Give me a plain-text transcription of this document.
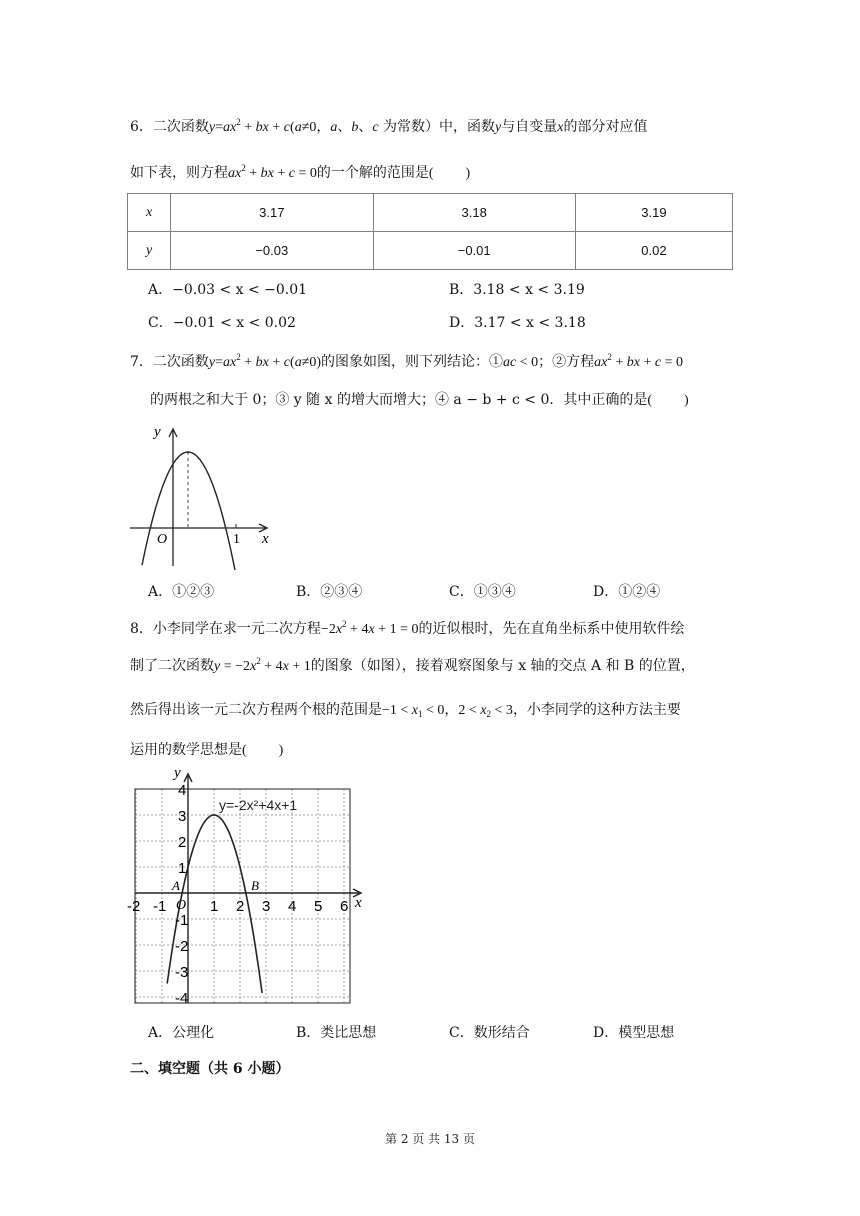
6．二次函数$y=ax^2$ + bx + c(a≠0，a、b、c 为常数）中，函数y与自变量x的部分对应值
如下表，则方程$ax^2$ + bx + c = 0的一个解的范围是( )
x	3.17	3.18	3.19
y	−0.03	−0.01	0.02
A．−0.03 < x < −0.01	B．3.18 < x < 3.19
C．−0.01 < x < 0.02	D．3.17 < x < 3.18
7．二次函数$y=ax^2$ + bx + c(a≠0)的图象如图，则下列结论：①ac < 0；②方程$ax^2$ + bx + c = 0
的两根之和大于 0；③ y 随 x 的增大而增大；④ a − b + c < 0．其中正确的是( )
y
x
O	1
A．①②③	B．②③④	C．①③④	D．①②④
8．小李同学在求一元二次方程$-2x^2 + 4x + 1 = 0$的近似根时，先在直角坐标系中使用软件绘
制了二次函数$y = -2x^2 + 4x + 1$的图象（如图），接着观察图象与 x 轴的交点 A 和 B 的位置，
然后得出该一元二次方程两个根的范围是$-1 < x_1 < 0$，$2 < x_2 < 3$，小李同学的这种方法主要
运用的数学思想是( )
-2 -1	1 2 3 4 5 6
4
3
2
1
-1
-2
-3
-4
y=-2x²+4x+1
y
x
A	B
O
A．公理化	B．类比思想	C．数形结合	D．模型思想
二、填空题（共 6 小题）
第 2 页 共 13 页
